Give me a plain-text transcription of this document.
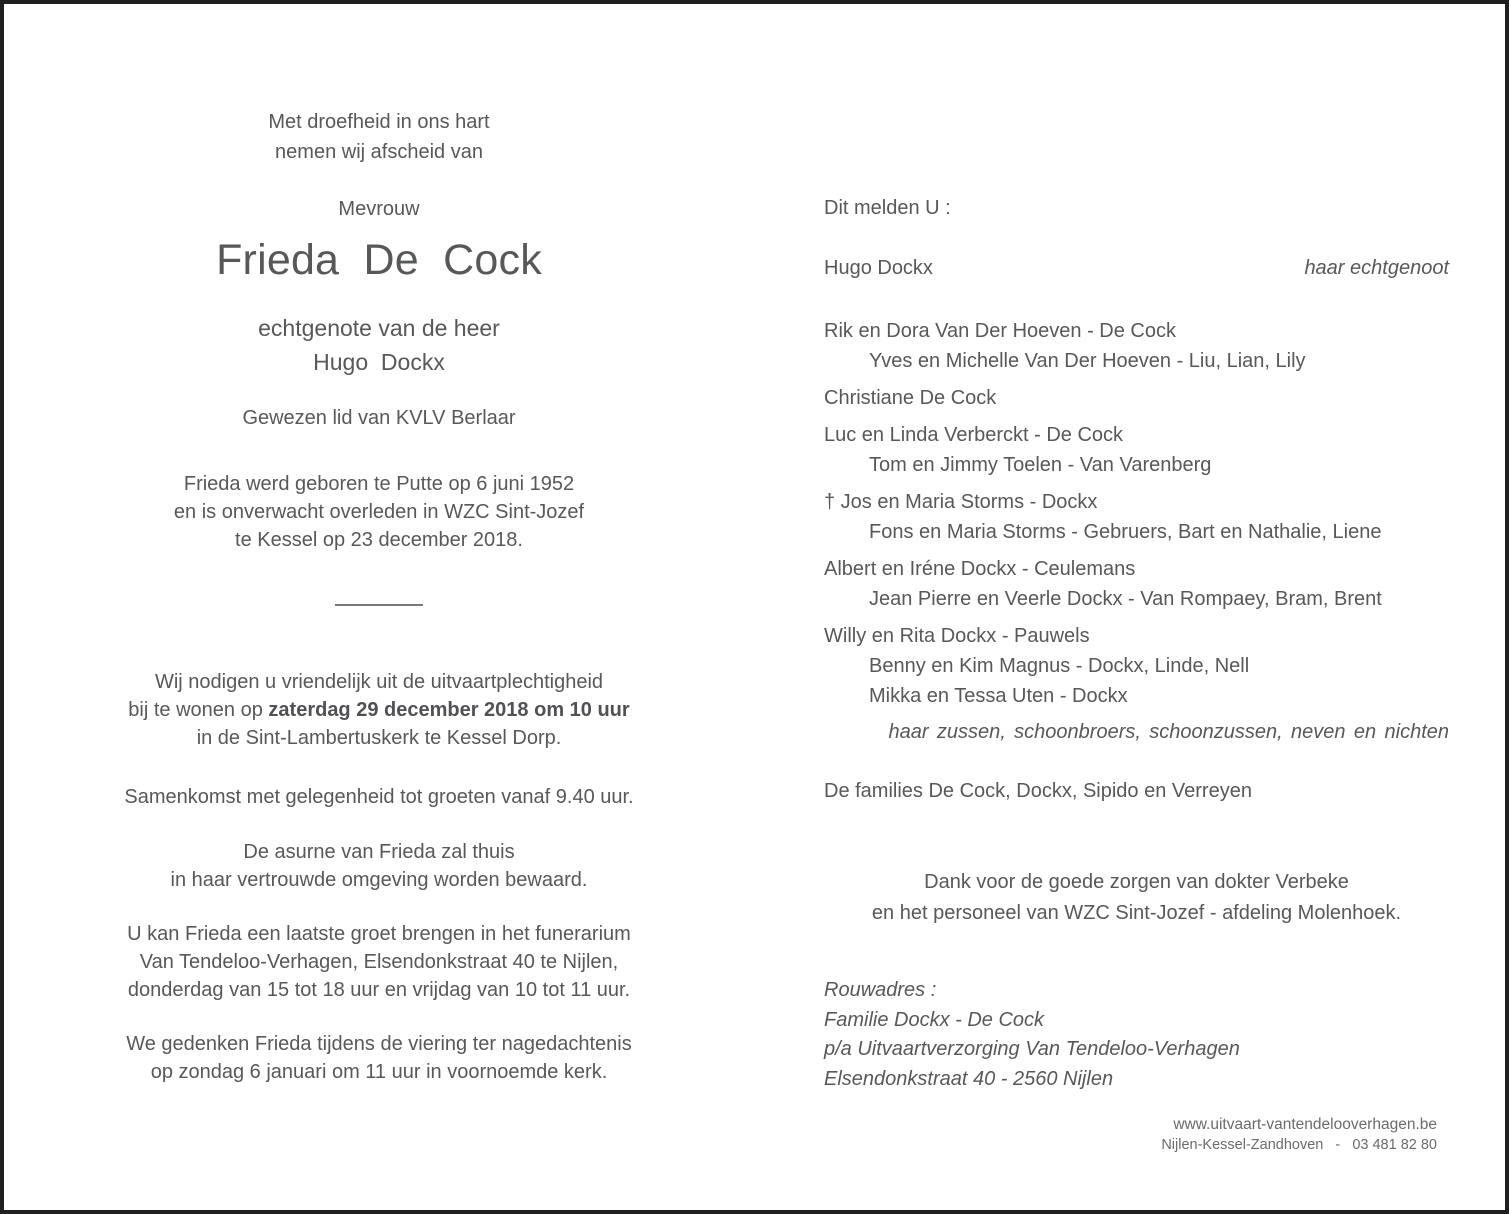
Met droefheid in ons hart
nemen wij afscheid van
Mevrouw
Frieda  De  Cock
echtgenote van de heer
Hugo  Dockx
Gewezen lid van KVLV Berlaar
Frieda werd geboren te Putte op 6 juni 1952
en is onverwacht overleden in WZC Sint-Jozef
te Kessel op 23 december 2018.
Wij nodigen u vriendelijk uit de uitvaartplechtigheid
bij te wonen op zaterdag 29 december 2018 om 10 uur
in de Sint-Lambertuskerk te Kessel Dorp.
Samenkomst met gelegenheid tot groeten vanaf 9.40 uur.
De asurne van Frieda zal thuis
in haar vertrouwde omgeving worden bewaard.
U kan Frieda een laatste groet brengen in het funerarium
Van Tendeloo-Verhagen, Elsendonkstraat 40 te Nijlen,
donderdag van 15 tot 18 uur en vrijdag van 10 tot 11 uur.
We gedenken Frieda tijdens de viering ter nagedachtenis
op zondag 6 januari om 11 uur in voornoemde kerk.
Dit melden U :
Hugo Dockx	haar echtgenoot
Rik en Dora Van Der Hoeven - De Cock
Yves en Michelle Van Der Hoeven - Liu, Lian, Lily
Christiane De Cock
Luc en Linda Verberckt - De Cock
Tom en Jimmy Toelen - Van Varenberg
† Jos en Maria Storms - Dockx
Fons en Maria Storms - Gebruers, Bart en Nathalie, Liene
Albert en Iréne Dockx - Ceulemans
Jean Pierre en Veerle Dockx - Van Rompaey, Bram, Brent
Willy en Rita Dockx - Pauwels
Benny en Kim Magnus - Dockx, Linde, Nell
Mikka en Tessa Uten - Dockx
haar zussen, schoonbroers, schoonzussen, neven en nichten
De families De Cock, Dockx, Sipido en Verreyen
Dank voor de goede zorgen van dokter Verbeke
en het personeel van WZC Sint-Jozef - afdeling Molenhoek.
Rouwadres :
Familie Dockx - De Cock
p/a Uitvaartverzorging Van Tendeloo-Verhagen
Elsendonkstraat 40 - 2560 Nijlen
www.uitvaart-vantendelooverhagen.be
Nijlen-Kessel-Zandhoven   -   03 481 82 80
